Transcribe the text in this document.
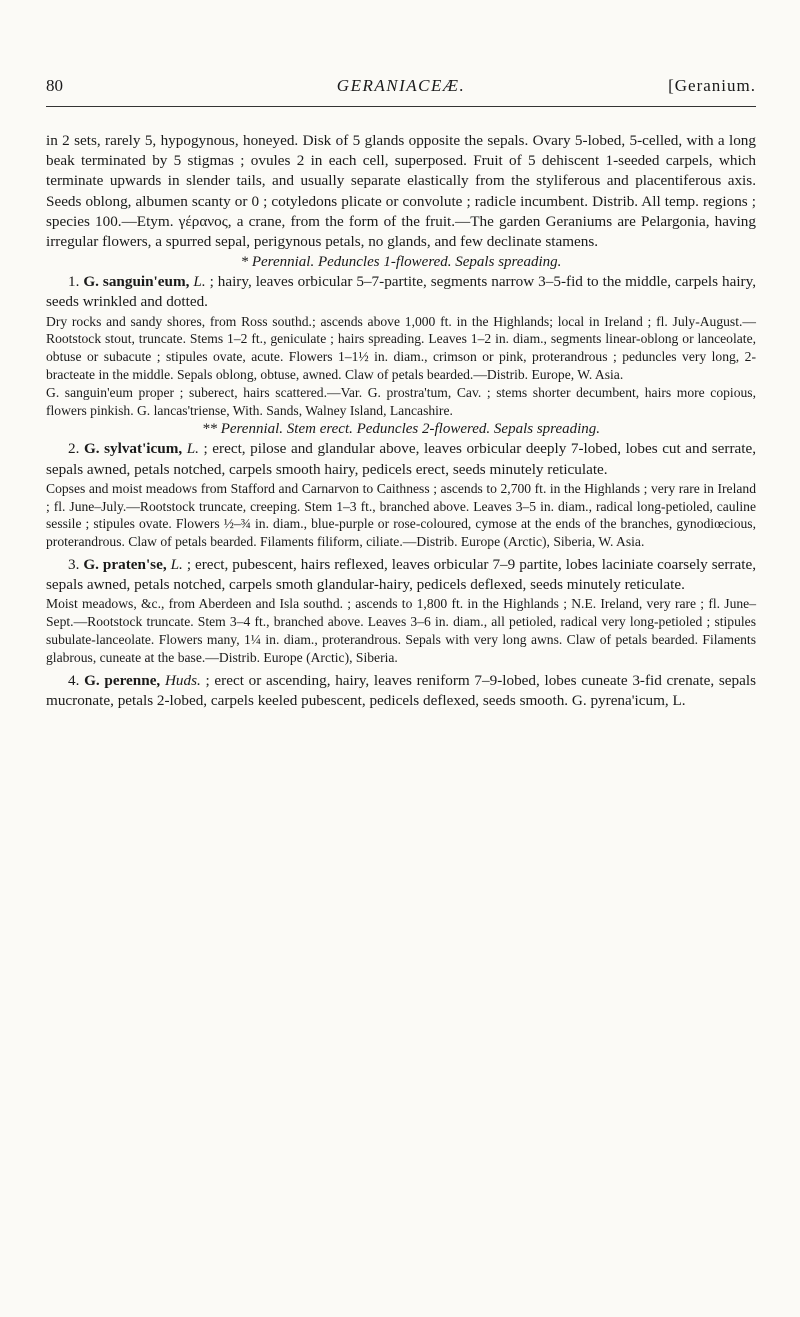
80	GERANIACEÆ.	[Geranium.

in 2 sets, rarely 5, hypogynous, honeyed. Disk of 5 glands opposite the sepals. Ovary 5-lobed, 5-celled, with a long beak terminated by 5 stigmas ; ovules 2 in each cell, superposed. Fruit of 5 dehiscent 1-seeded carpels, which terminate upwards in slender tails, and usually separate elastically from the styliferous and placentiferous axis. Seeds oblong, albumen scanty or 0 ; cotyledons plicate or convolute ; radicle incumbent. Distrib. All temp. regions ; species 100.—Etym. γέρανος, a crane, from the form of the fruit.—The garden Geraniums are Pelargonia, having irregular flowers, a spurred sepal, perigynous petals, no glands, and few declinate stamens.

* Perennial. Peduncles 1-flowered. Sepals spreading.

1. G. sanguin'eum, L. ; hairy, leaves orbicular 5–7-partite, segments narrow 3–5-fid to the middle, carpels hairy, seeds wrinkled and dotted.

Dry rocks and sandy shores, from Ross southd.; ascends above 1,000 ft. in the Highlands; local in Ireland ; fl. July-August.—Rootstock stout, truncate. Stems 1–2 ft., geniculate ; hairs spreading. Leaves 1–2 in. diam., segments linear-oblong or lanceolate, obtuse or subacute ; stipules ovate, acute. Flowers 1–1½ in. diam., crimson or pink, proterandrous ; peduncles very long, 2-bracteate in the middle. Sepals oblong, obtuse, awned. Claw of petals bearded.—Distrib. Europe, W. Asia.

G. sanguin'eum proper ; suberect, hairs scattered.—Var. G. prostra'tum, Cav. ; stems shorter decumbent, hairs more copious, flowers pinkish. G. lancas'triense, With. Sands, Walney Island, Lancashire.

** Perennial. Stem erect. Peduncles 2-flowered. Sepals spreading.

2. G. sylvat'icum, L. ; erect, pilose and glandular above, leaves orbicular deeply 7-lobed, lobes cut and serrate, sepals awned, petals notched, carpels smooth hairy, pedicels erect, seeds minutely reticulate.

Copses and moist meadows from Stafford and Carnarvon to Caithness ; ascends to 2,700 ft. in the Highlands ; very rare in Ireland ; fl. June–July.—Rootstock truncate, creeping. Stem 1–3 ft., branched above. Leaves 3–5 in. diam., radical long-petioled, cauline sessile ; stipules ovate. Flowers ½–¾ in. diam., blue-purple or rose-coloured, cymose at the ends of the branches, gynodiœcious, proterandrous. Claw of petals bearded. Filaments filiform, ciliate.—Distrib. Europe (Arctic), Siberia, W. Asia.

3. G. praten'se, L. ; erect, pubescent, hairs reflexed, leaves orbicular 7–9 partite, lobes laciniate coarsely serrate, sepals awned, petals notched, carpels smoth glandular-hairy, pedicels deflexed, seeds minutely reticulate.

Moist meadows, &c., from Aberdeen and Isla southd. ; ascends to 1,800 ft. in the Highlands ; N.E. Ireland, very rare ; fl. June–Sept.—Rootstock truncate. Stem 3–4 ft., branched above. Leaves 3–6 in. diam., all petioled, radical very long-petioled ; stipules subulate-lanceolate. Flowers many, 1¼ in. diam., proterandrous. Sepals with very long awns. Claw of petals bearded. Filaments glabrous, cuneate at the base.—Distrib. Europe (Arctic), Siberia.

4. G. perenne, Huds. ; erect or ascending, hairy, leaves reniform 7–9-lobed, lobes cuneate 3-fid crenate, sepals mucronate, petals 2-lobed, carpels keeled pubescent, pedicels deflexed, seeds smooth. G. pyrena'icum, L.
